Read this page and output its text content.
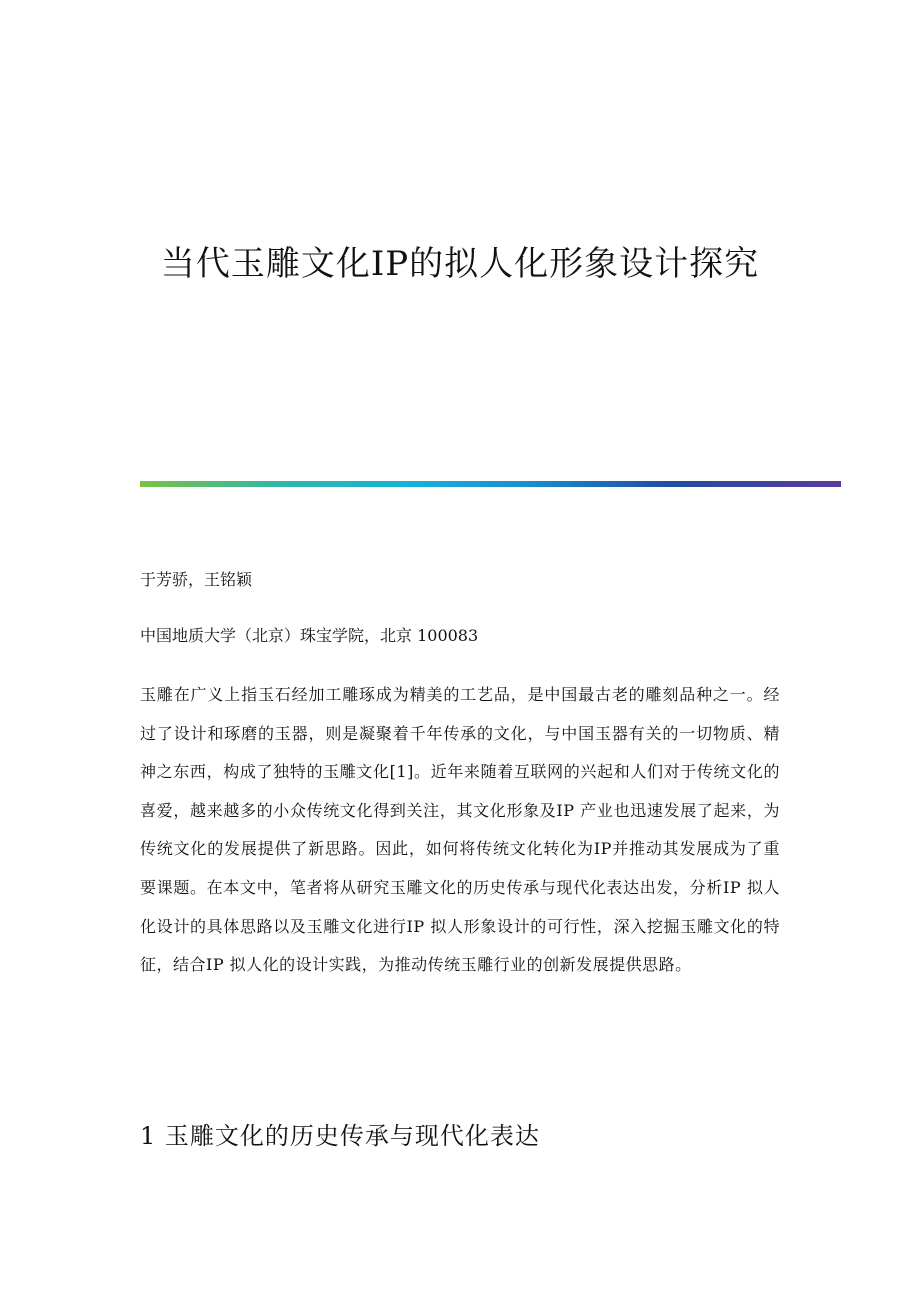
当代玉雕文化IP的拟人化形象设计探究
于芳骄，王铭颖
中国地质大学（北京）珠宝学院，北京 100083

玉雕在广义上指玉石经加工雕琢成为精美的工艺品，是中国最古老的雕刻品种之一。经过了设计和琢磨的玉器，则是凝聚着千年传承的文化，与中国玉器有关的一切物质、精神之东西，构成了独特的玉雕文化[1]。近年来随着互联网的兴起和人们对于传统文化的喜爱，越来越多的小众传统文化得到关注，其文化形象及IP 产业也迅速发展了起来，为传统文化的发展提供了新思路。因此，如何将传统文化转化为IP并推动其发展成为了重要课题。在本文中，笔者将从研究玉雕文化的历史传承与现代化表达出发，分析IP 拟人化设计的具体思路以及玉雕文化进行IP 拟人形象设计的可行性，深入挖掘玉雕文化的特征，结合IP 拟人化的设计实践，为推动传统玉雕行业的创新发展提供思路。

1 玉雕文化的历史传承与现代化表达
